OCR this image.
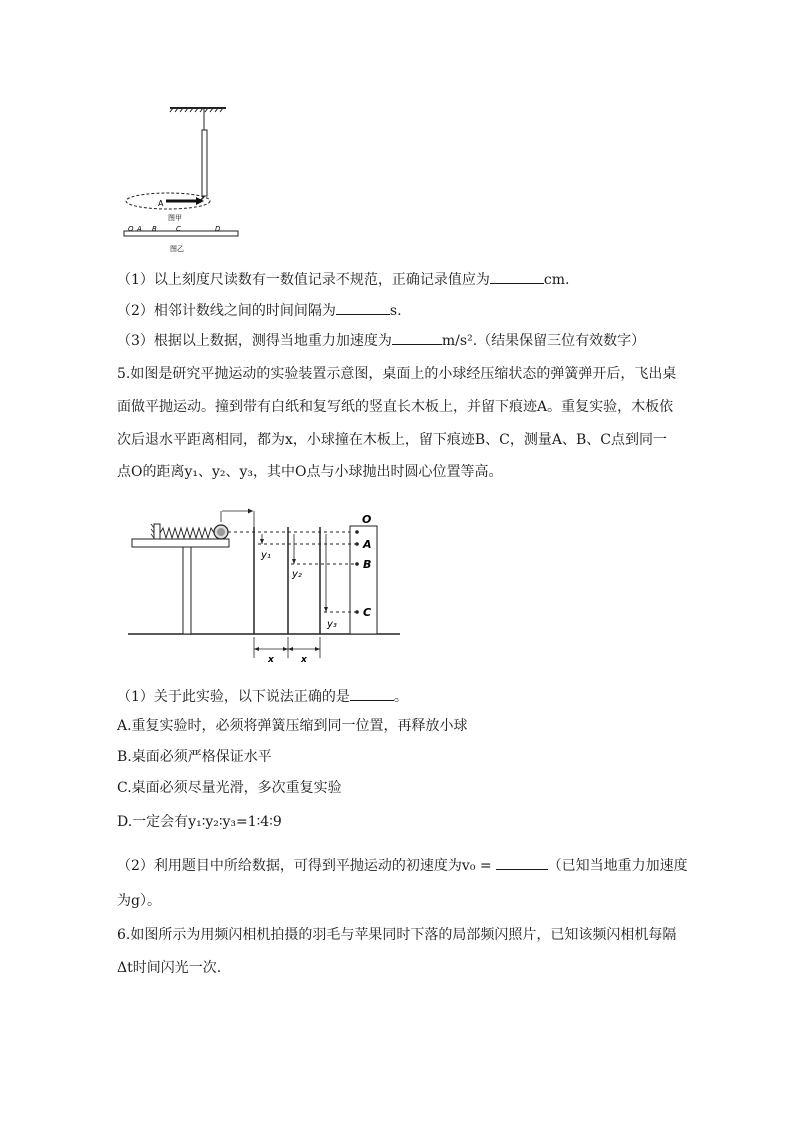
A
图甲
O A B	C	D
图乙
（1）以上刻度尺读数有一数值记录不规范，正确记录值应为	cm.
（2）相邻计数线之间的时间间隔为	s.
（3）根据以上数据，测得当地重力加速度为	m/s².（结果保留三位有效数字）
5.如图是研究平抛运动的实验装置示意图，桌面上的小球经压缩状态的弹簧弹开后，飞出桌
面做平抛运动。撞到带有白纸和复写纸的竖直长木板上，并留下痕迹A。重复实验，木板依
次后退水平距离相同，都为x，小球撞在木板上，留下痕迹B、C，测量A、B、C点到同一
点O的距离y₁、y₂、y₃，其中O点与小球抛出时圆心位置等高。
O
A
B
C
y₁
y₂
y₃
x	x
（1）关于此实验，以下说法正确的是	。
A.重复实验时，必须将弹簧压缩到同一位置，再释放小球
B.桌面必须严格保证水平
C.桌面必须尽量光滑，多次重复实验
D.一定会有y₁∶y₂∶y₃=1∶4∶9
（2）利用题目中所给数据，可得到平抛运动的初速度为v₀ =	（已知当地重力加速度
为g）。
6.如图所示为用频闪相机拍摄的羽毛与苹果同时下落的局部频闪照片，已知该频闪相机每隔
Δt时间闪光一次.
